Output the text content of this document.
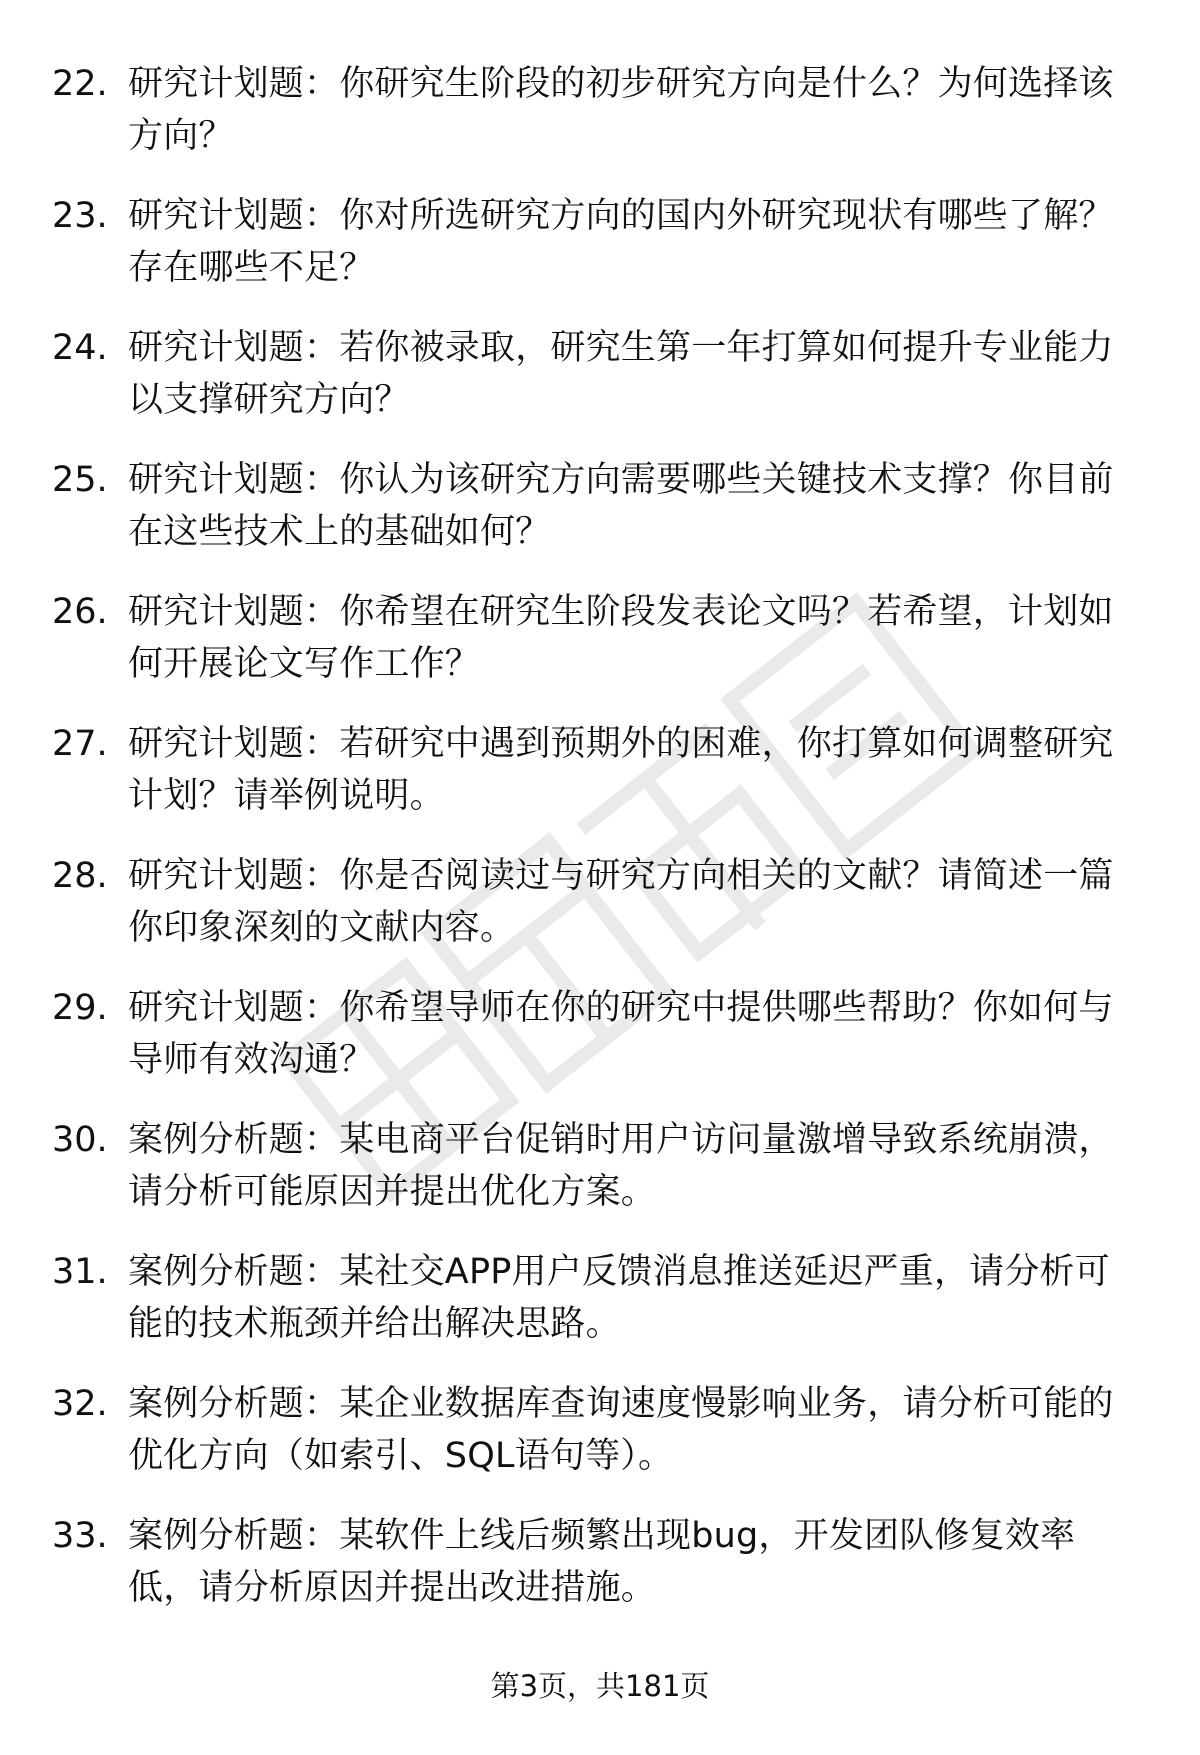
22. 研究计划题：你研究生阶段的初步研究方向是什么？为何选择该方向？
23. 研究计划题：你对所选研究方向的国内外研究现状有哪些了解？存在哪些不足？
24. 研究计划题：若你被录取，研究生第一年打算如何提升专业能力以支撑研究方向？
25. 研究计划题：你认为该研究方向需要哪些关键技术支撑？你目前在这些技术上的基础如何？
26. 研究计划题：你希望在研究生阶段发表论文吗？若希望，计划如何开展论文写作工作？
27. 研究计划题：若研究中遇到预期外的困难，你打算如何调整研究计划？请举例说明。
28. 研究计划题：你是否阅读过与研究方向相关的文献？请简述一篇你印象深刻的文献内容。
29. 研究计划题：你希望导师在你的研究中提供哪些帮助？你如何与导师有效沟通？
30. 案例分析题：某电商平台促销时用户访问量激增导致系统崩溃，请分析可能原因并提出优化方案。
31. 案例分析题：某社交APP用户反馈消息推送延迟严重，请分析可能的技术瓶颈并给出解决思路。
32. 案例分析题：某企业数据库查询速度慢影响业务，请分析可能的优化方向（如索引、SQL语句等）。
33. 案例分析题：某软件上线后频繁出现bug，开发团队修复效率低，请分析原因并提出改进措施。
第3页，共181页
